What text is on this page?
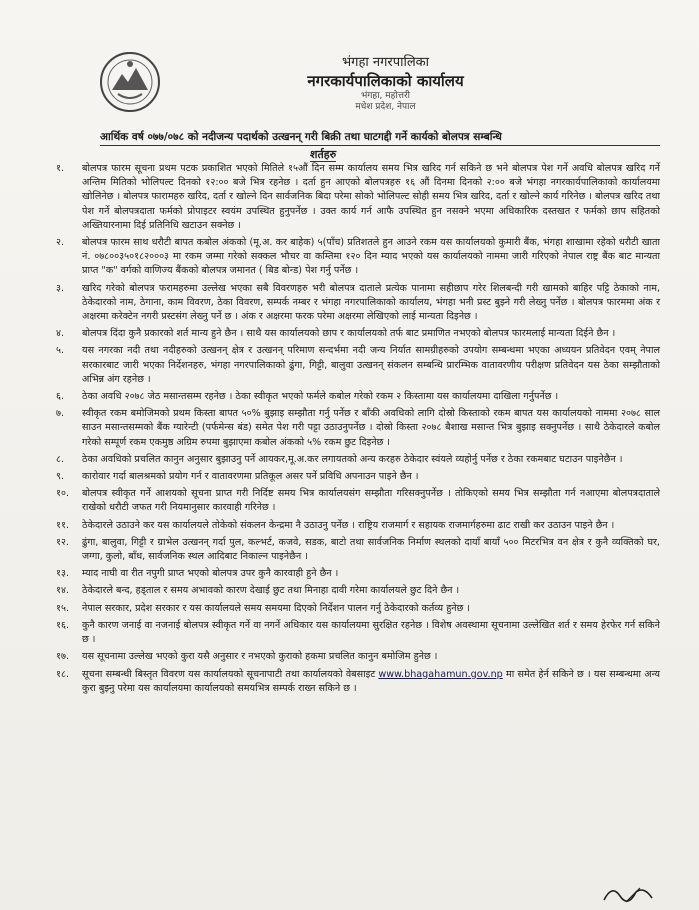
भंगहा नगरपालिका
नगरकार्यपालिकाको कार्यालय
भंगहा, महोत्तरी
मधेश प्रदेश, नेपाल
आर्थिक वर्ष ०७७/०७८ को नदीजन्य पदार्थको उत्खनन् गरी बिक्री तथा घाटगद्दी गर्ने कार्यको बोलपत्र सम्बन्धि
शर्तहरु
१.	बोलपत्र फारम सूचना प्रथम पटक प्रकाशित भएको मितिले १५औं दिन सम्म कार्यालय समय भित्र खरिद गर्न सकिने छ भने बोलपत्र पेश गर्ने अवधि बोलपत्र खरिद गर्ने अन्तिम मितिको भोलिपल्ट दिनको १२:०० बजे भित्र रहनेछ । दर्ता हुन आएको बोलपत्रहरु १६ औं दिनमा दिनको २:०० बजे भंगहा नगरकार्यपालिकाको कार्यालयमा खोलिनेछ । बोलपत्र फारामहरु खरिद, दर्ता र खोल्ने दिन सार्वजनिक बिदा परेमा सोको भोलिपल्ट सोही समय भित्र खरिद, दर्ता र खोल्ने कार्य गरिनेछ । बोलपत्र खरिद तथा पेश गर्ने बोलपत्रदाता फर्मको प्रोपाइटर स्वयंम उपस्थित हुनुपर्नेछ । उक्त कार्य गर्न आफै उपस्थित हुन नसक्ने भएमा अधिकारिक दस्तखत र फर्मको छाप सहितको अख्तियारनामा दिई प्रतिनिधि खटाउन सक्नेछ ।
२.	बोलपत्र फारम साथ धरौटी बापत कबोल अंकको (मू.अ. कर बाहेक) ५(पाँच) प्रतिशतले हुन आउने रकम यस कार्यालयको कुमारी बैंक, भंगहा शाखामा रहेको धरौटी खाता नं. ०७८००३५०१८२०००३ मा रकम जम्मा गरेको सक्कल भौचर वा कम्तिमा १२० दिन म्याद भएको यस कार्यालयको नाममा जारी गरिएको नेपाल राष्ट्र बैंक बाट मान्यता प्राप्त "क" वर्गको वाणिज्य बैंकको बोलपत्र जमानत ( बिड बोन्ड) पेश गर्नु पर्नेछ ।
३.	खरिद गरेको बोलपत्र फरामहरुमा उल्लेख भएका सबै विवरणहरु भरी बोलपत्र दाताले प्रत्येक पानामा सहीछाप गरेर शिलबन्दी गरी खामको बाहिर पट्टि ठेकाको नाम, ठेकेदारको नाम, ठेगाना, काम विवरण, ठेका विवरण, सम्पर्क नम्बर र भंगहा नगरपालिकाको कार्यालय, भंगहा भनी प्रस्ट बुझ्ने गरी लेख्नु पर्नेछ । बोलपत्र फारममा अंक र अक्षरमा करेक्टेन नगरी प्रस्टसंग लेख्नु पर्ने छ । अंक र अक्षरमा फरक परेमा अक्षरमा लेखिएको लाई मान्यता दिइनेछ ।
४.	बोलपत्र दिंदा कुनै प्रकारको शर्त मान्य हुने छैन । साथै यस कार्यालयको छाप र कार्यालयको तर्फ बाट प्रमाणित नभएको बोलपत्र फारमलाई मान्यता दिईने छैन ।
५.	यस नगरका नदी तथा नदीहरुको उत्खनन् क्षेत्र र उत्खनन् परिमाण सन्दर्भमा नदी जन्य निर्यात सामग्रीहरुको उपयोग सम्बन्धमा भएका अध्ययन प्रतिवेदन एवम् नेपाल सरकारबाट जारी भएका निर्देशनहरु, भंगहा नगरपालिकाको ढुंगा, गिट्टी, बालुवा उत्खनन् संकलन सम्बन्धि प्रारम्भिक वातावरणीय परीक्षण प्रतिवेदन यस ठेका सम्झौताको अभिन्न अंग रहनेछ ।
६.	ठेका अवधि २०७८ जेठ मसान्तसम्म रहनेछ । ठेका स्वीकृत भएको फर्मले कबोल गरेको रकम २ किस्तामा यस कार्यालयमा दाखिला गर्नुपर्नेछ ।
७.	स्वीकृत रकम बमोजिमको प्रथम किस्ता बापत ५०% बुझाइ सम्झौता गर्नु पर्नेछ र बाँकी अवधिको लागि दोस्रो किस्ताको रकम बापत यस कार्यालयको नाममा २०७८ साल साउन मसान्तसम्मको बैंक ग्यारेन्टी (पर्फमेन्स बंड) समेत पेश गरी पट्टा उठाउनुपर्नेछ । दोस्रो किस्ता २०७८ बैशाख मसान्त भित्र बुझाइ सक्नुपर्नेछ । साथै ठेकेदारले कबोल गरेको सम्पूर्ण रकम एकमुष्ठ अग्रिम रुपमा बुझाएमा कबोल अंकको ५% रकम छुट दिइनेछ ।
८.	ठेका अवधिको प्रचलित कानुन अनुसार बुझाउनु पर्ने आयकर,मू.अ.कर लगायतको अन्य करहरु ठेकेदार स्वंयले व्यहोर्नु पर्नेछ र ठेका रकमबाट घटाउन पाइनेछैन ।
९.	कारोवार गर्दा बालश्रमको प्रयोग गर्न र वातावरणमा प्रतिकूल असर पर्ने प्रविधि अपनाउन पाइने छैन ।
१०.	बोलपत्र स्वीकृत गर्ने आशयको सूचना प्राप्त गरी निर्दिष्ट समय भित्र कार्यालयसंग सम्झौता गरिसक्नुपर्नेछ । तोकिएको समय भित्र सम्झौता गर्न नआएमा बोलपत्रदाताले राखेको धरौटी जफत गरी नियमानुसार कारवाही गरिनेछ ।
११.	ठेकेदारले उठाउने कर यस कार्यालयले तोकेको संकलन केन्द्रमा नै उठाउनु पर्नेछ । राष्ट्रिय राजमार्ग र सहायक राजमार्गहरुमा ढाट राखी कर उठाउन पाइने छैन ।
१२.	ढुंगा, बालुवा, गिट्टी र ग्राभेल उत्खनन् गर्दा पुल, कल्भर्ट, कजवे, सडक, बाटो तथा सार्वजनिक निर्माण स्थलको दायाँ बायाँ ५०० मिटरभित्र वन क्षेत्र र कुनै व्यक्तिको घर, जग्गा, कुलो, बाँध, सार्वजनिक स्थल आदिबाट निकाल्न पाइनेछैन ।
१३.	म्याद नाघी वा रीत नपुगी प्राप्त भएको बोलपत्र उपर कुनै कारवाही हुने छैन ।
१४.	ठेकेदारले बन्द, हड्ताल र समय अभावको कारण देखाई छुट तथा मिनाहा दावी गरेमा कार्यालयले छुट दिने छैन ।
१५.	नेपाल सरकार, प्रदेश सरकार र यस कार्यालयले समय समयमा दिएको निर्देशन पालन गर्नु ठेकेदारको कर्तव्य हुनेछ ।
१६.	कुनै कारण जनाई वा नजनाई बोलपत्र स्वीकृत गर्ने वा नगर्ने अधिकार यस कार्यालयमा सुरक्षित रहनेछ । विशेष अवस्थामा सूचनामा उल्लेखित शर्त र समय हेरफेर गर्न सकिने छ ।
१७.	यस सूचनामा उल्लेख भएको कुरा यसै अनुसार र नभएको कुराको हकमा प्रचलित कानुन बमोजिम हुनेछ ।
१८.	सूचना सम्बन्धी बिस्तृत विवरण यस कार्यालयको सूचनापाटी तथा कार्यालयको वेबसाइट www.bhagahamun.gov.np मा समेत हेर्न सकिने छ । यस सम्बन्धमा अन्य कुरा बुझ्नु परेमा यस कार्यालयमा कार्यालयको समयभित्र सम्पर्क राख्न सकिने छ ।
